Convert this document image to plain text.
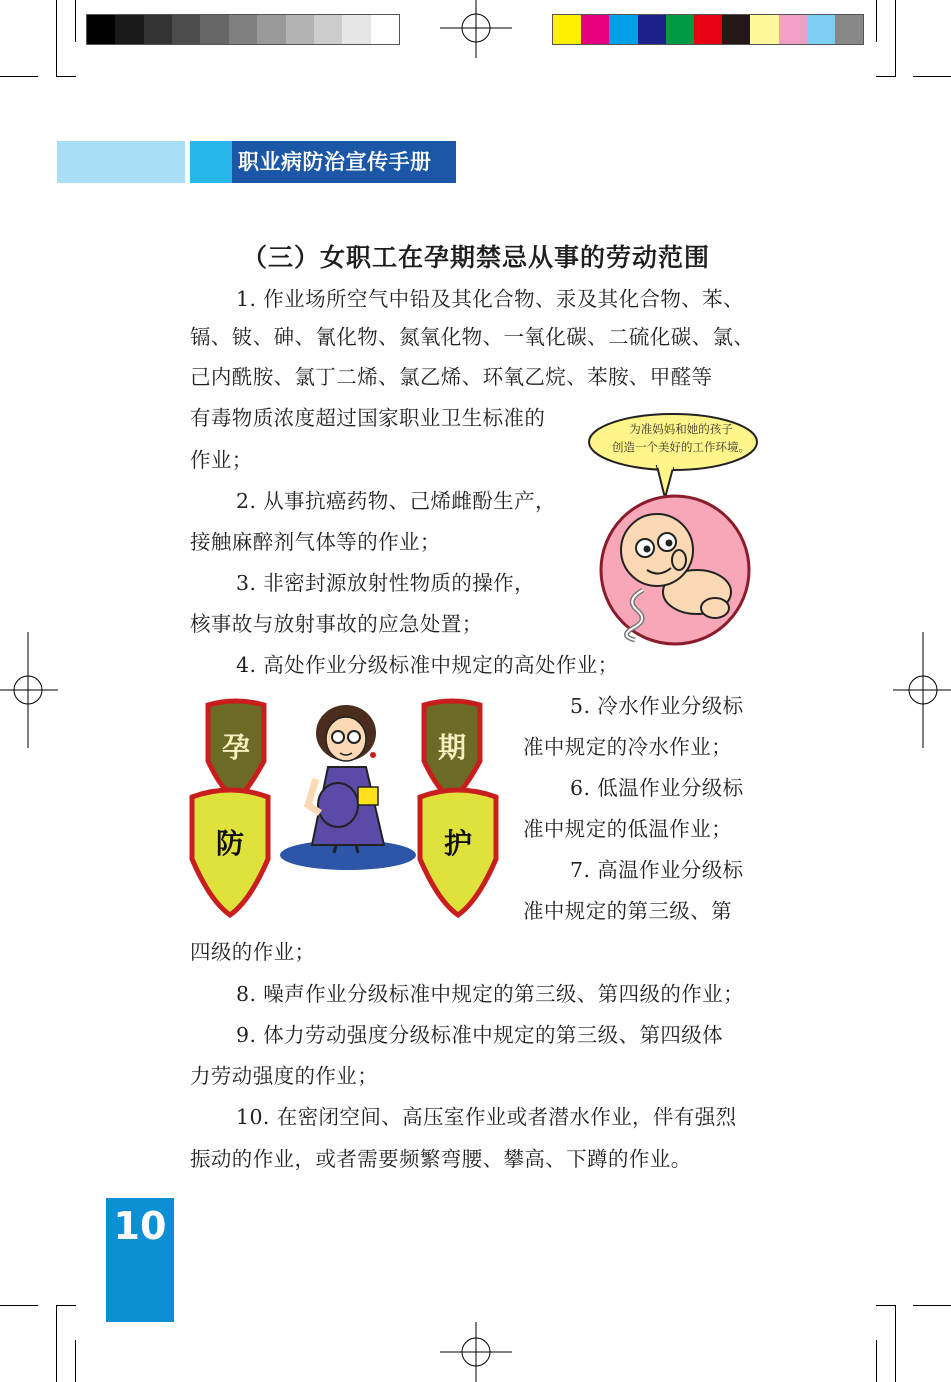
职业病防治宣传手册
（三）女职工在孕期禁忌从事的劳动范围
1. 作业场所空气中铅及其化合物、汞及其化合物、苯、
镉、铍、砷、氰化物、氮氧化物、一氧化碳、二硫化碳、氯、
己内酰胺、氯丁二烯、氯乙烯、环氧乙烷、苯胺、甲醛等
有毒物质浓度超过国家职业卫生标准的
作业；
2. 从事抗癌药物、己烯雌酚生产，
接触麻醉剂气体等的作业；
3. 非密封源放射性物质的操作，
核事故与放射事故的应急处置；
4. 高处作业分级标准中规定的高处作业；
5. 冷水作业分级标
准中规定的冷水作业；
6. 低温作业分级标
准中规定的低温作业；
7. 高温作业分级标
准中规定的第三级、第
四级的作业；
8. 噪声作业分级标准中规定的第三级、第四级的作业；
9. 体力劳动强度分级标准中规定的第三级、第四级体
力劳动强度的作业；
10. 在密闭空间、高压室作业或者潜水作业，伴有强烈
振动的作业，或者需要频繁弯腰、攀高、下蹲的作业。
为准妈妈和她的孩子
创造一个美好的工作环境。
孕	期
防	护
10
